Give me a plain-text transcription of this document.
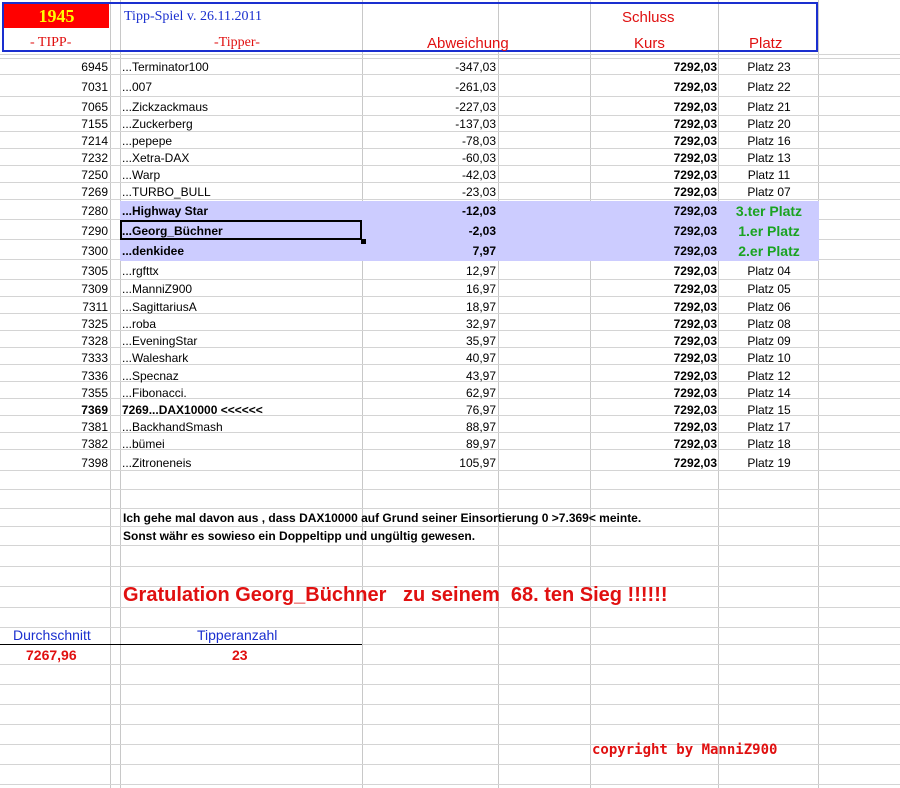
1945	Tipp-Spiel v. 26.11.2011	Schluss
- TIPP-	-Tipper-	Abweichung	Kurs	Platz
6945 ...Terminator100	-347,03	7292,03	Platz 23
7031 ...007	-261,03	7292,03	Platz 22
7065 ...Zickzackmaus	-227,03	7292,03	Platz 21
7155 ...Zuckerberg	-137,03	7292,03	Platz 20
7214 ...pepepe	-78,03	7292,03	Platz 16
7232 ...Xetra-DAX	-60,03	7292,03	Platz 13
7250 ...Warp	-42,03	7292,03	Platz 11
7269 ...TURBO_BULL	-23,03	7292,03	Platz 07
7280 ...Highway Star	-12,03	7292,03	3.ter Platz
7290 ...Georg_Büchner	-2,03	7292,03	1.er Platz
7300 ...denkidee	7,97	7292,03	2.er Platz
7305 ...rgfttx	12,97	7292,03	Platz 04
7309 ...ManniZ900	16,97	7292,03	Platz 05
7311 ...SagittariusA	18,97	7292,03	Platz 06
7325 ...roba	32,97	7292,03	Platz 08
7328 ...EveningStar	35,97	7292,03	Platz 09
7333 ...Waleshark	40,97	7292,03	Platz 10
7336 ...Specnaz	43,97	7292,03	Platz 12
7355 ...Fibonacci.	62,97	7292,03	Platz 14
7369 7269...DAX10000 <<<<<<	76,97	7292,03	Platz 15
7381 ...BackhandSmash	88,97	7292,03	Platz 17
7382 ...bümei	89,97	7292,03	Platz 18
7398 ...Zitroneneis	105,97	7292,03	Platz 19
Ich gehe mal davon aus , dass DAX10000 auf Grund seiner Einsortierung 0 >7.369< meinte.
Sonst währ es sowieso ein Doppeltipp und ungültig gewesen.
Gratulation Georg_Büchner   zu seinem  68. ten Sieg !!!!!!
Durchschnitt	Tipperanzahl
7267,96	23
copyright by ManniZ900
